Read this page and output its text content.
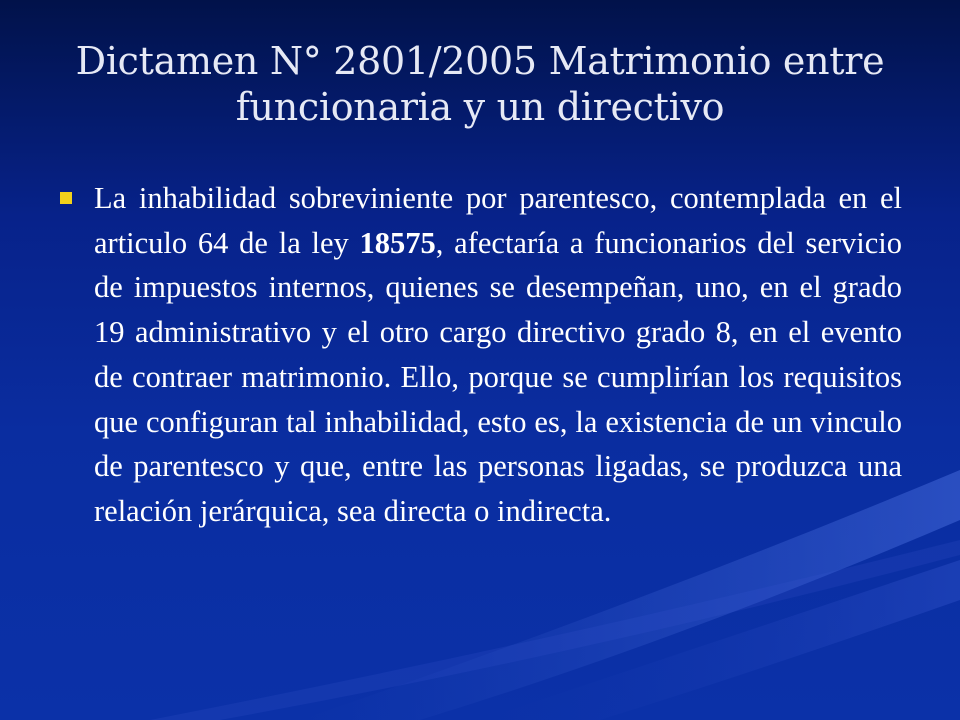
Dictamen N° 2801/2005 Matrimonio entre funcionaria y un directivo

La inhabilidad sobreviniente por parentesco, contemplada en el articulo 64 de la ley 18575, afectaría a funcionarios del servicio de impuestos internos, quienes se desempeñan, uno, en el grado 19 administrativo y el otro cargo directivo grado 8, en el evento de contraer matrimonio. Ello, porque se cumplirían los requisitos que configuran tal inhabilidad, esto es, la existencia de un vinculo de parentesco y que, entre las personas ligadas, se produzca una relación jerárquica, sea directa o indirecta.
